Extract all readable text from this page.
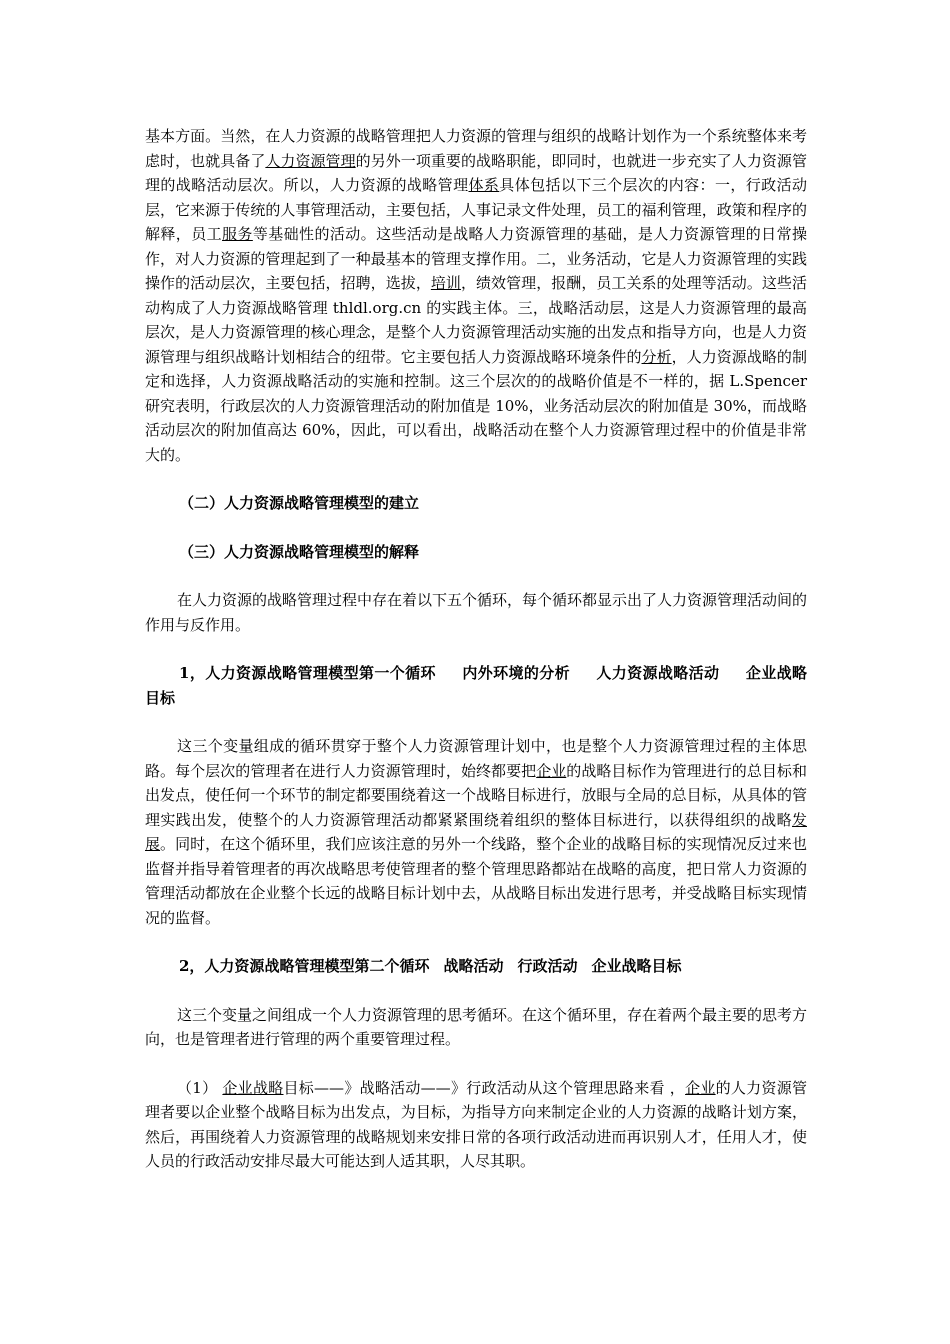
基本方面。当然，在人力资源的战略管理把人力资源的管理与组织的战略计划作为一个系统整体来考虑时，也就具备了人力资源管理的另外一项重要的战略职能，即同时，也就进一步充实了人力资源管理的战略活动层次。所以，人力资源的战略管理体系具体包括以下三个层次的内容：一，行政活动层，它来源于传统的人事管理活动，主要包括，人事记录文件处理，员工的福利管理，政策和程序的解释，员工服务等基础性的活动。这些活动是战略人力资源管理的基础，是人力资源管理的日常操作，对人力资源的管理起到了一种最基本的管理支撑作用。二，业务活动，它是人力资源管理的实践操作的活动层次，主要包括，招聘，选拔，培训，绩效管理，报酬，员工关系的处理等活动。这些活动构成了人力资源战略管理 thldl.org.cn 的实践主体。三，战略活动层，这是人力资源管理的最高层次，是人力资源管理的核心理念，是整个人力资源管理活动实施的出发点和指导方向，也是人力资源管理与组织战略计划相结合的纽带。它主要包括人力资源战略环境条件的分析，人力资源战略的制定和选择，人力资源战略活动的实施和控制。这三个层次的的战略价值是不一样的，据 L.Spencer 研究表明，行政层次的人力资源管理活动的附加值是 10%，业务活动层次的附加值是 30%，而战略活动层次的附加值高达 60%，因此，可以看出，战略活动在整个人力资源管理过程中的价值是非常大的。

（二）人力资源战略管理模型的建立

（三）人力资源战略管理模型的解释

在人力资源的战略管理过程中存在着以下五个循环，每个循环都显示出了人力资源管理活动间的作用与反作用。

1，人力资源战略管理模型第一个循环 内外环境的分析 人力资源战略活动 企业战略目标

这三个变量组成的循环贯穿于整个人力资源管理计划中，也是整个人力资源管理过程的主体思路。每个层次的管理者在进行人力资源管理时，始终都要把企业的战略目标作为管理进行的总目标和出发点，使任何一个环节的制定都要围绕着这一个战略目标进行，放眼与全局的总目标，从具体的管理实践出发，使整个的人力资源管理活动都紧紧围绕着组织的整体目标进行，以获得组织的战略发展。同时，在这个循环里，我们应该注意的另外一个线路，整个企业的战略目标的实现情况反过来也监督并指导着管理者的再次战略思考使管理者的整个管理思路都站在战略的高度，把日常人力资源的管理活动都放在企业整个长远的战略目标计划中去，从战略目标出发进行思考，并受战略目标实现情况的监督。

2，人力资源战略管理模型第二个循环 战略活动 行政活动 企业战略目标

这三个变量之间组成一个人力资源管理的思考循环。在这个循环里，存在着两个最主要的思考方向，也是管理者进行管理的两个重要管理过程。

（1） 企业战略目标——》战略活动——》行政活动从这个管理思路来看 ，企业的人力资源管理者要以企业整个战略目标为出发点，为目标，为指导方向来制定企业的人力资源的战略计划方案，然后，再围绕着人力资源管理的战略规划来安排日常的各项行政活动进而再识别人才，任用人才，使人员的行政活动安排尽最大可能达到人适其职，人尽其职。
